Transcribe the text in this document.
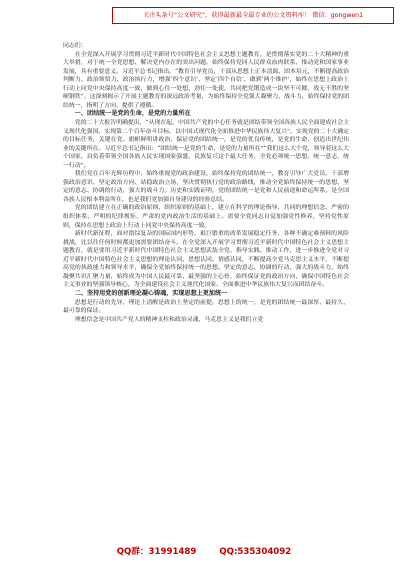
关注头条号“公文研究”，获得最新最全最专业的公文资料库！ 微信：gongwen1

同志们：

在全党深入开展学习贯彻习近平新时代中国特色社会主义思想主题教育，是贯彻落实党的二十大精神的重大举措，对于统一全党思想、解决党内存在的突出问题、始终保持党同人民群众血肉联系、推动党和国家事业发展，具有重要意义。习近平总书记指出，“教育引导党员、干部从思想上正本清源、固本培元，不断提高政治判断力、政治领悟力、政治执行力，增强‘四个意识’、坚定‘四个自信’、做到‘两个维护’，始终在思想上政治上行动上同党中央保持高度一致，做到心往一处想、劲往一处使，共同把党锻造成一块坚不可摧、战无不胜的坚硬钢铁”。这深刻揭示了开展主题教育的深远政治考量，为始终保持全党强大凝聚力、战斗力，始终保持党的团结统一，指明了方向，提供了遵循。

一、团结统一是党的生命，是党的力量所在

党的二十大报告明确提出，“从现在起，中国共产党的中心任务就是团结带领全国各族人民全面建成社会主义现代化强国、实现第二个百年奋斗目标，以中国式现代化全面推进中华民族伟大复兴”。实现党的二十大确定的目标任务，关键在党。旗帜鲜明讲政治、保证党的团结统一，是党的优良传统，是党的生命，创造出世纪伟业的关键所在。习近平总书记指出：“团结统一是党的生命，是党的力量所在”“我们这么大个党，领导着这么大个国家，肩负着带领全国各族人民实现国家强盛、民族复兴这个最大任务，全党必须统一思想、统一意志、统一行动”。

我们党在百年光辉历程中，始终重视党的政治建设，始终保持党的团结统一，教育引导广大党员、干部增强政治意识、坚定政治方向、站稳政治立场，坚决贯彻执行党的政治路线，推动全党始终保持统一的思想、坚定的意志、协调的行动，强大的战斗力。历史和实践证明，党的团结统一是党和人民前途和命运所系，是全国各族人民根本利益所在，也是我们党加强自身建设的经验总结。

党的团结建立在正确的政治原则、组织原则的基础上，建立在科学的理论指导、共同的理想信念、严密的组织体系、严明的纪律规矩、严肃的党内政治生活的基础上。需要全党同志自觉加强党性修养，坚持党性原则，保持在思想上政治上行动上同党中央保持高度一致。

新时代新征程，面对错综复杂的国际国内形势、艰巨繁重的改革发展稳定任务，各种不确定难预料的风险挑战，比以往任何时候都更加需要团结奋斗。在全党深入开展学习贯彻习近平新时代中国特色社会主义思想主题教育，就是要用习近平新时代中国特色社会主义思想武装全党、指导实践、推动工作，进一步推进全党对习近平新时代中国特色社会主义思想的理论认同、思想认同、情感认同，不断提高全党马克思主义水平，不断提高党的执政能力和领导水平，确保全党始终保持统一的思想、坚定的意志、协调的行动、强大的战斗力，始终凝聚共识汇聚力量，始终成为中国人民最可靠、最坚强的主心骨，始终保证党的政治方向，确保中国特色社会主义事业的坚强领导核心，为全面建设社会主义现代化国家、全面推进中华民族伟大复兴而团结奋斗。

二、坚持用党的创新理论凝心铸魂，实现思想上更加统一

思想是行动的先导，理论上清醒是政治上坚定的前提。思想上的统一，是党的团结统一最深厚、最持久、最可靠的保证。

理想信念是中国共产党人的精神支柱和政治灵魂，马克思主义是我们立党

QQ群：31991489	QQ:535304092
